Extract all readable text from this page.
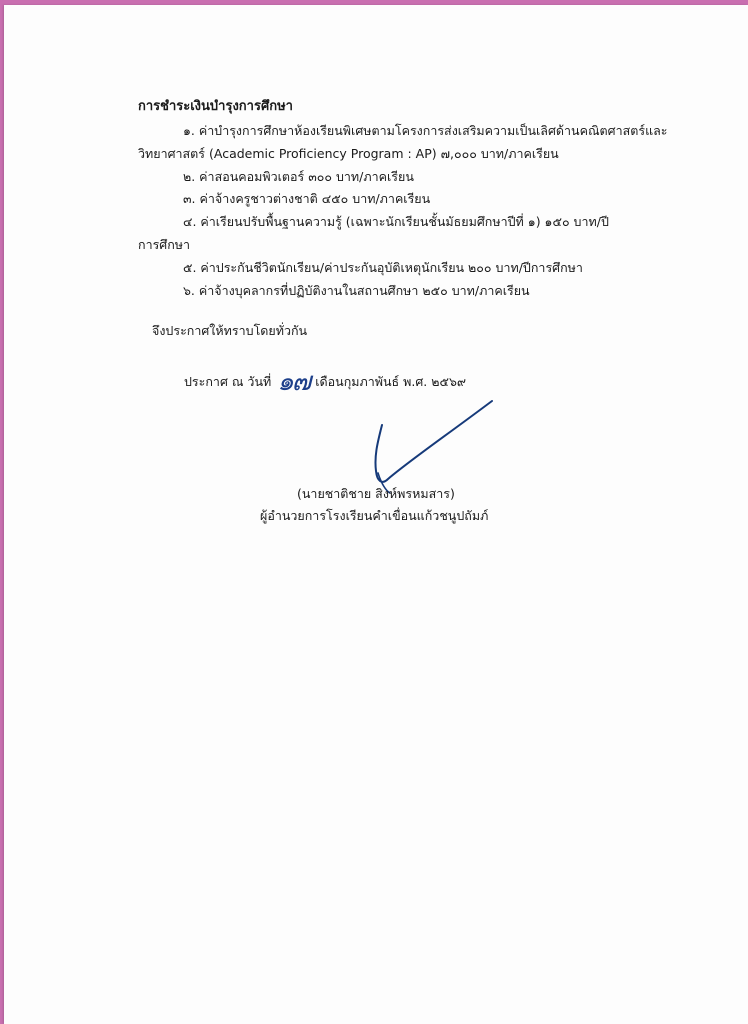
การชำระเงินบำรุงการศึกษา
๑. ค่าบำรุงการศึกษาห้องเรียนพิเศษตามโครงการส่งเสริมความเป็นเลิศด้านคณิตศาสตร์และ
วิทยาศาสตร์ (Academic Proficiency Program : AP) ๗,๐๐๐ บาท/ภาคเรียน
๒. ค่าสอนคอมพิวเตอร์ ๓๐๐ บาท/ภาคเรียน
๓. ค่าจ้างครูชาวต่างชาติ ๔๕๐ บาท/ภาคเรียน
๔. ค่าเรียนปรับพื้นฐานความรู้ (เฉพาะนักเรียนชั้นมัธยมศึกษาปีที่ ๑) ๑๕๐ บาท/ปี
การศึกษา
๕. ค่าประกันชีวิตนักเรียน/ค่าประกันอุบัติเหตุนักเรียน ๒๐๐ บาท/ปีการศึกษา
๖. ค่าจ้างบุคลากรที่ปฏิบัติงานในสถานศึกษา ๒๕๐ บาท/ภาคเรียน
จึงประกาศให้ทราบโดยทั่วกัน
ประกาศ ณ วันที่ ๑๗ เดือนกุมภาพันธ์ พ.ศ. ๒๕๖๙
(นายชาติชาย สิงห์พรหมสาร)
ผู้อำนวยการโรงเรียนคำเขื่อนแก้วชนูปถัมภ์
